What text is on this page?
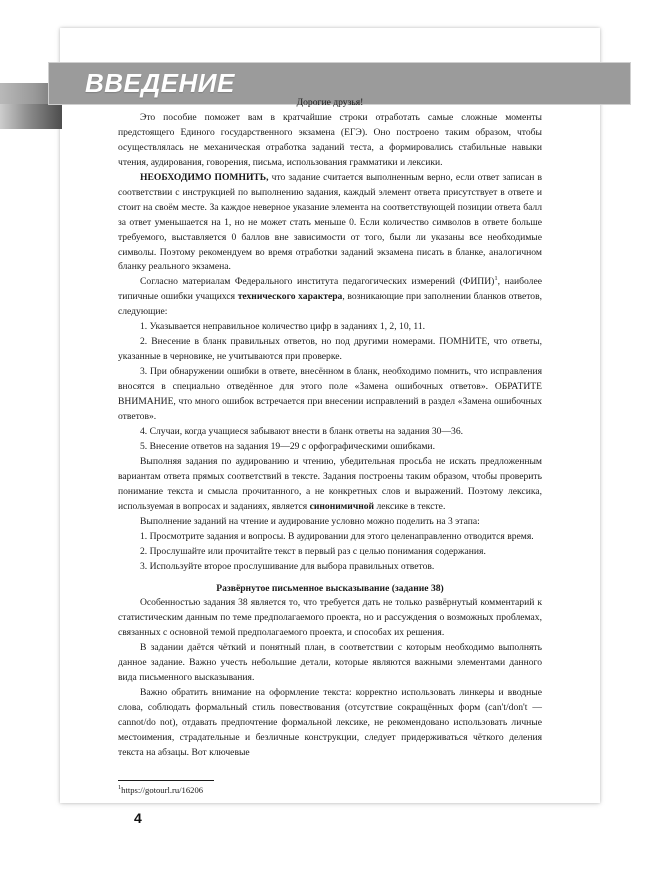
ВВЕДЕНИЕ

Дорогие друзья!

Это пособие поможет вам в кратчайшие строки отработать самые сложные моменты предстоящего Единого государственного экзамена (ЕГЭ). Оно построено таким образом, чтобы осуществлялась не механическая отработка заданий теста, а формировались стабильные навыки чтения, аудирования, говорения, письма, использования грамматики и лексики.

НЕОБХОДИМО ПОМНИТЬ, что задание считается выполненным верно, если ответ записан в соответствии с инструкцией по выполнению задания, каждый элемент ответа присутствует в ответе и стоит на своём месте. За каждое неверное указание элемента на соответствующей позиции ответа балл за ответ уменьшается на 1, но не может стать меньше 0. Если количество символов в ответе больше требуемого, выставляется 0 баллов вне зависимости от того, были ли указаны все необходимые символы. Поэтому рекомендуем во время отработки заданий экзамена писать в бланке, аналогичном бланку реального экзамена.

Согласно материалам Федерального института педагогических измерений (ФИПИ)$^1$, наиболее типичные ошибки учащихся технического характера, возникающие при заполнении бланков ответов, следующие:

1. Указывается неправильное количество цифр в заданиях 1, 2, 10, 11.

2. Внесение в бланк правильных ответов, но под другими номерами. ПОМНИТЕ, что ответы, указанные в черновике, не учитываются при проверке.

3. При обнаружении ошибки в ответе, внесённом в бланк, необходимо помнить, что исправления вносятся в специально отведённое для этого поле «Замена ошибочных ответов». ОБРАТИТЕ ВНИМАНИЕ, что много ошибок встречается при внесении исправлений в раздел «Замена ошибочных ответов».

4. Случаи, когда учащиеся забывают внести в бланк ответы на задания 30—36.

5. Внесение ответов на задания 19—29 с орфографическими ошибками.

Выполняя задания по аудированию и чтению, убедительная просьба не искать предложенным вариантам ответа прямых соответствий в тексте. Задания построены таким образом, чтобы проверить понимание текста и смысла прочитанного, а не конкретных слов и выражений. Поэтому лексика, используемая в вопросах и заданиях, является синонимичной лексике в тексте.

Выполнение заданий на чтение и аудирование условно можно поделить на 3 этапа:

1. Просмотрите задания и вопросы. В аудировании для этого целенаправленно отводится время.

2. Прослушайте или прочитайте текст в первый раз с целью понимания содержания.

3. Используйте второе прослушивание для выбора правильных ответов.

Развёрнутое письменное высказывание (задание 38)

Особенностью задания 38 является то, что требуется дать не только развёрнутый комментарий к статистическим данным по теме предполагаемого проекта, но и рассуждения о возможных проблемах, связанных с основной темой предполагаемого проекта, и способах их решения.

В задании даётся чёткий и понятный план, в соответствии с которым необходимо выполнять данное задание. Важно учесть небольшие детали, которые являются важными элементами данного вида письменного высказывания.

Важно обратить внимание на оформление текста: корректно использовать линкеры и вводные слова, соблюдать формальный стиль повествования (отсутствие сокращённых форм (can't/don't — cannot/do not), отдавать предпочтение формальной лексике, не рекомендовано использовать личные местоимения, страдательные и безличные конструкции, следует придерживаться чёткого деления текста на абзацы. Вот ключевые

$^1$https://gotourl.ru/16206
4
